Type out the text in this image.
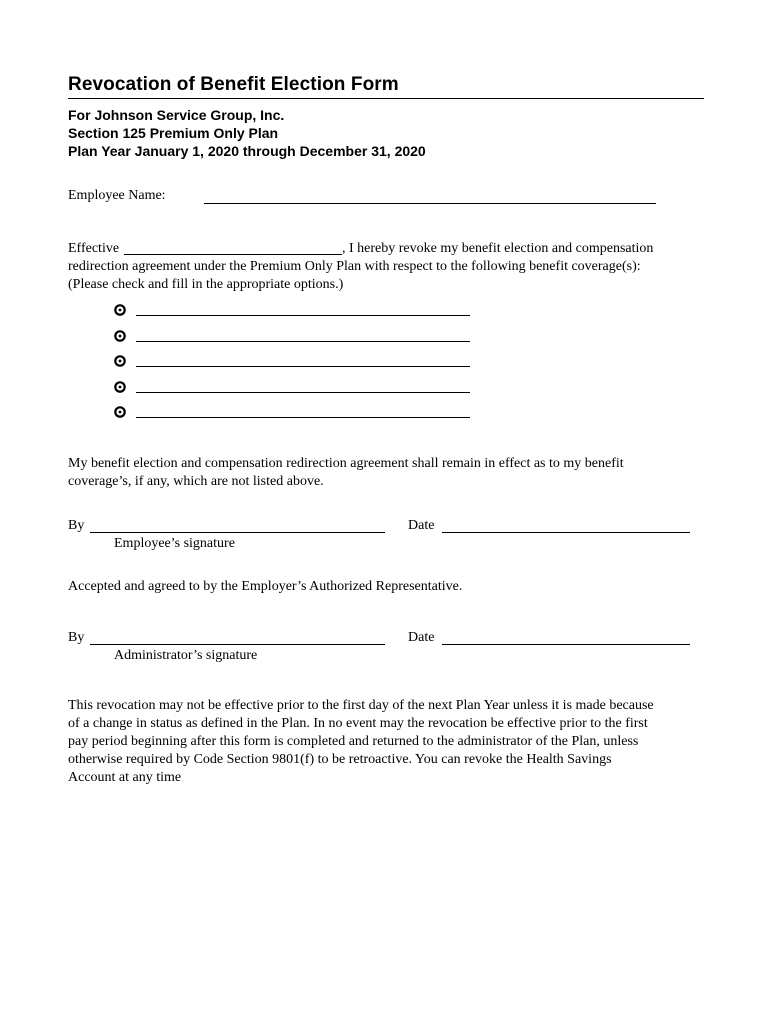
Revocation of Benefit Election Form
For Johnson Service Group, Inc.
Section 125 Premium Only Plan
Plan Year January 1, 2020 through December 31, 2020
Employee Name:
Effective	, I hereby revoke my benefit election and compensation
redirection agreement under the Premium Only Plan with respect to the following benefit coverage(s):
(Please check and fill in the appropriate options.)
My benefit election and compensation redirection agreement shall remain in effect as to my benefit
coverage’s, if any, which are not listed above.
By	Date
Employee’s signature
Accepted and agreed to by the Employer’s Authorized Representative.
By	Date
Administrator’s signature
This revocation may not be effective prior to the first day of the next Plan Year unless it is made because
of a change in status as defined in the Plan. In no event may the revocation be effective prior to the first
pay period beginning after this form is completed and returned to the administrator of the Plan, unless
otherwise required by Code Section 9801(f) to be retroactive. You can revoke the Health Savings
Account at any time
